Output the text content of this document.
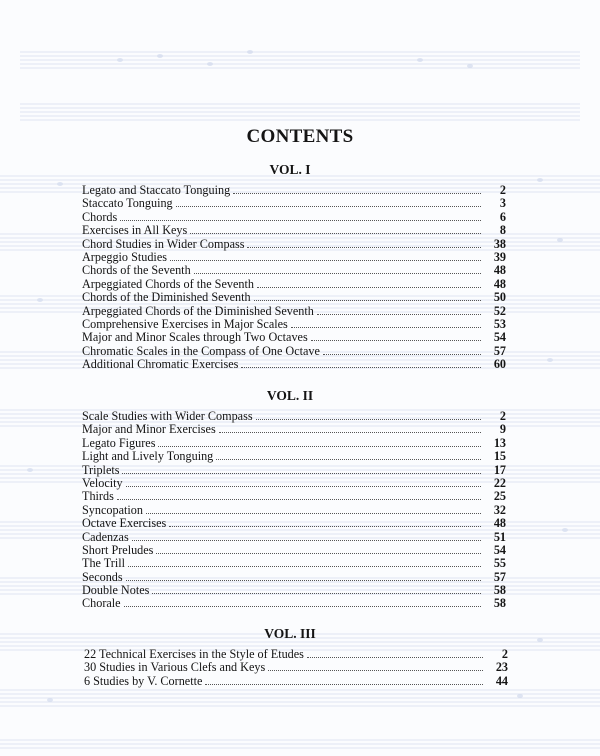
CONTENTS
VOL. I
Legato and Staccato Tonguing	2
Staccato Tonguing	3
Chords	6
Exercises in All Keys	8
Chord Studies in Wider Compass	38
Arpeggio Studies	39
Chords of the Seventh	48
Arpeggiated Chords of the Seventh	48
Chords of the Diminished Seventh	50
Arpeggiated Chords of the Diminished Seventh	52
Comprehensive Exercises in Major Scales	53
Major and Minor Scales through Two Octaves	54
Chromatic Scales in the Compass of One Octave	57
Additional Chromatic Exercises	60
VOL. II
Scale Studies with Wider Compass	2
Major and Minor Exercises	9
Legato Figures	13
Light and Lively Tonguing	15
Triplets	17
Velocity	22
Thirds	25
Syncopation	32
Octave Exercises	48
Cadenzas	51
Short Preludes	54
The Trill	55
Seconds	57
Double Notes	58
Chorale	58
VOL. III
22 Technical Exercises in the Style of Etudes	2
30 Studies in Various Clefs and Keys	23
6 Studies by V. Cornette	44
